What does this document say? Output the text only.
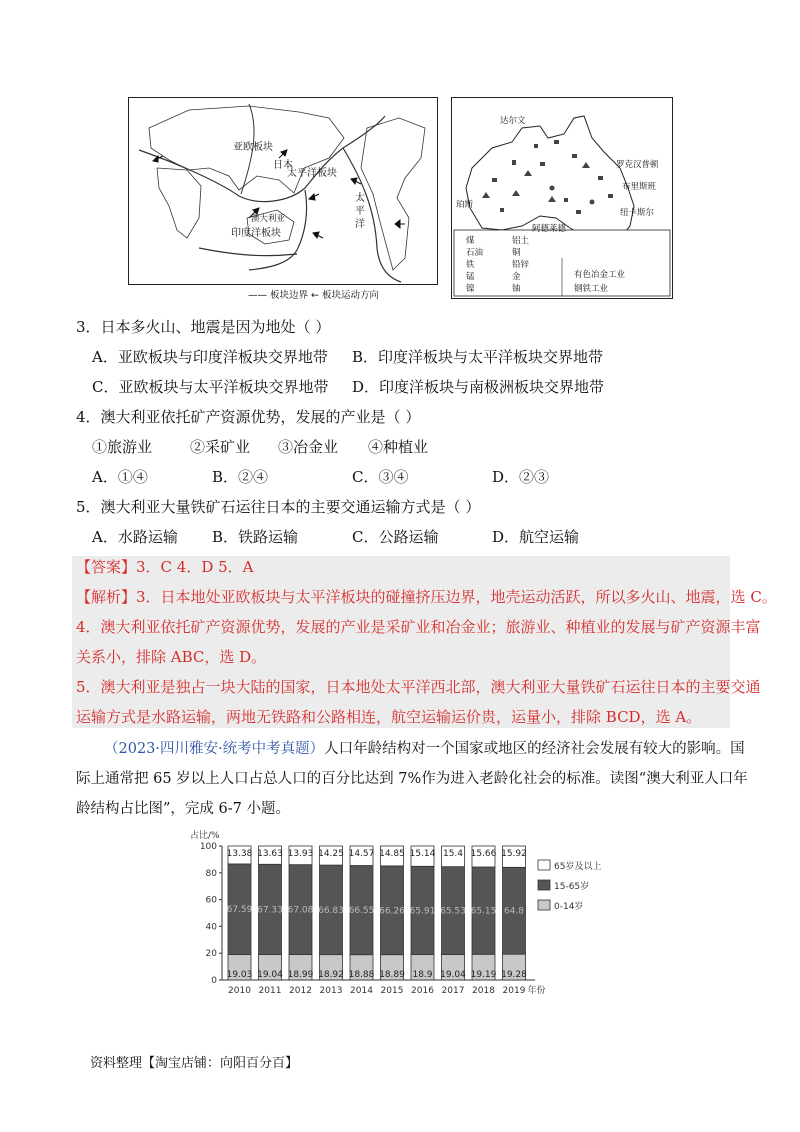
亚欧板块
日本
太平洋板块
澳大利亚
印度洋板块
太平洋
—— 板块边界 ← 板块运动方向
达尔文
罗克汉普顿
布里斯班
珀斯
阿德莱德
纽卡斯尔
煤	铝土
石油	铜
铁	铅锌
锰	金
镍	铀
有色冶金工业
钢铁工业
3．日本多火山、地震是因为地处（ ）
A．亚欧板块与印度洋板块交界地带 B．印度洋板块与太平洋板块交界地带
C．亚欧板块与太平洋板块交界地带 D．印度洋板块与南极洲板块交界地带
4．澳大利亚依托矿产资源优势，发展的产业是（ ）
①旅游业	②采矿业 ③冶金业 ④种植业
A．①④	B．②④	C．③④	D．②③
5．澳大利亚大量铁矿石运往日本的主要交通运输方式是（ ）
A．水路运输 B．铁路运输	C．公路运输	D．航空运输
【答案】3．C 4．D 5．A
【解析】3．日本地处亚欧板块与太平洋板块的碰撞挤压边界，地壳运动活跃，所以多火山、地震，选 C。
4．澳大利亚依托矿产资源优势，发展的产业是采矿业和冶金业；旅游业、种植业的发展与矿产资源丰富
关系小，排除 ABC，选 D。
5．澳大利亚是独占一块大陆的国家，日本地处太平洋西北部，澳大利亚大量铁矿石运往日本的主要交通
运输方式是水路运输，两地无铁路和公路相连，航空运输运价贵，运量小，排除 BCD，选 A。
（2023·四川雅安·统考中考真题）人口年龄结构对一个国家或地区的经济社会发展有较大的影响。国
际上通常把 65 岁以上人口占总人口的百分比达到 7%作为进入老龄化社会的标准。读图“澳大利亚人口年
龄结构占比图”，完成 6-7 小题。
占比/%
0
20
40
60
80
100
19.03
67.59
13.38
2010
19.04
67.33
13.63
2011
18.99
67.08
13.93
2012
18.92
66.83
14.25
2013
18.88
66.55
14.57
2014
18.89
66.26
14.85
2015
18.9
65.91
15.14
2016
19.04
65.53
15.4
2017
19.19
65.15
15.66
2018
19.28
64.8
15.92
2019 年份
65岁及以上
15-65岁
0-14岁
资料整理【淘宝店铺：向阳百分百】
